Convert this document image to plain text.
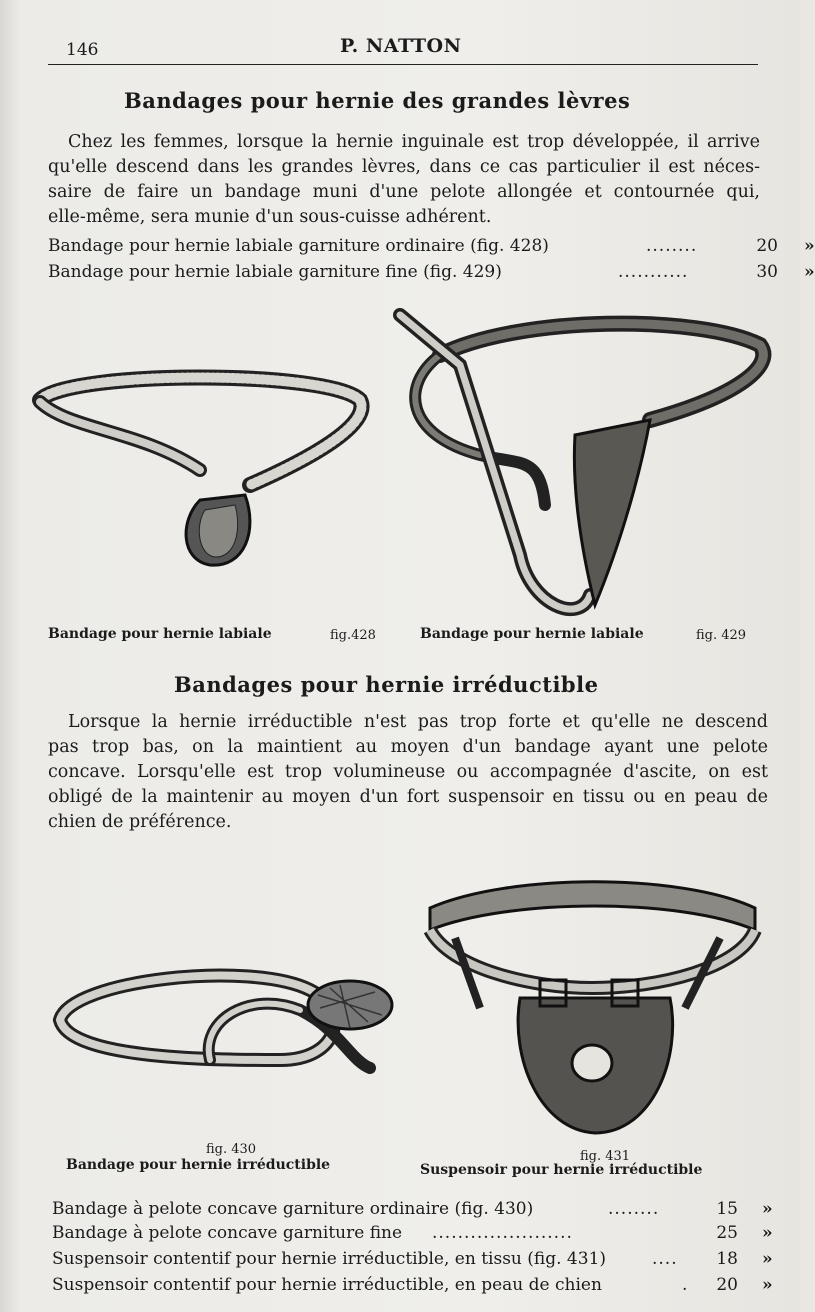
146	P. NATTON
Bandages pour hernie des grandes lèvres
Chez les femmes, lorsque la hernie inguinale est trop développée, il arrive
qu'elle descend dans les grandes lèvres, dans ce cas particulier il est néces-
saire de faire un bandage muni d'une pelote allongée et contournée qui,
elle-même, sera munie d'un sous-cuisse adhérent.
Bandage pour hernie labiale garniture ordinaire (fig. 428)	........	20 »
Bandage pour hernie labiale garniture fine (fig. 429)	...........	30 »
Bandage pour hernie labiale	fig.428	Bandage pour hernie labiale	fig. 429
Bandages pour hernie irréductible
Lorsque la hernie irréductible n'est pas trop forte et qu'elle ne descend
pas trop bas, on la maintient au moyen d'un bandage ayant une pelote
concave. Lorsqu'elle est trop volumineuse ou accompagnée d'ascite, on est
obligé de la maintenir au moyen d'un fort suspensoir en tissu ou en peau de
chien de préférence.
fig. 430
Bandage pour hernie irréductible
fig. 431
Suspensoir pour hernie irréductible
Bandage à pelote concave garniture ordinaire (fig. 430)	........	15 »
Bandage à pelote concave garniture fine ......................	25 »
Suspensoir contentif pour hernie irréductible, en tissu (fig. 431)	....	18 »
Suspensoir contentif pour hernie irréductible, en peau de chien	.	20 »
